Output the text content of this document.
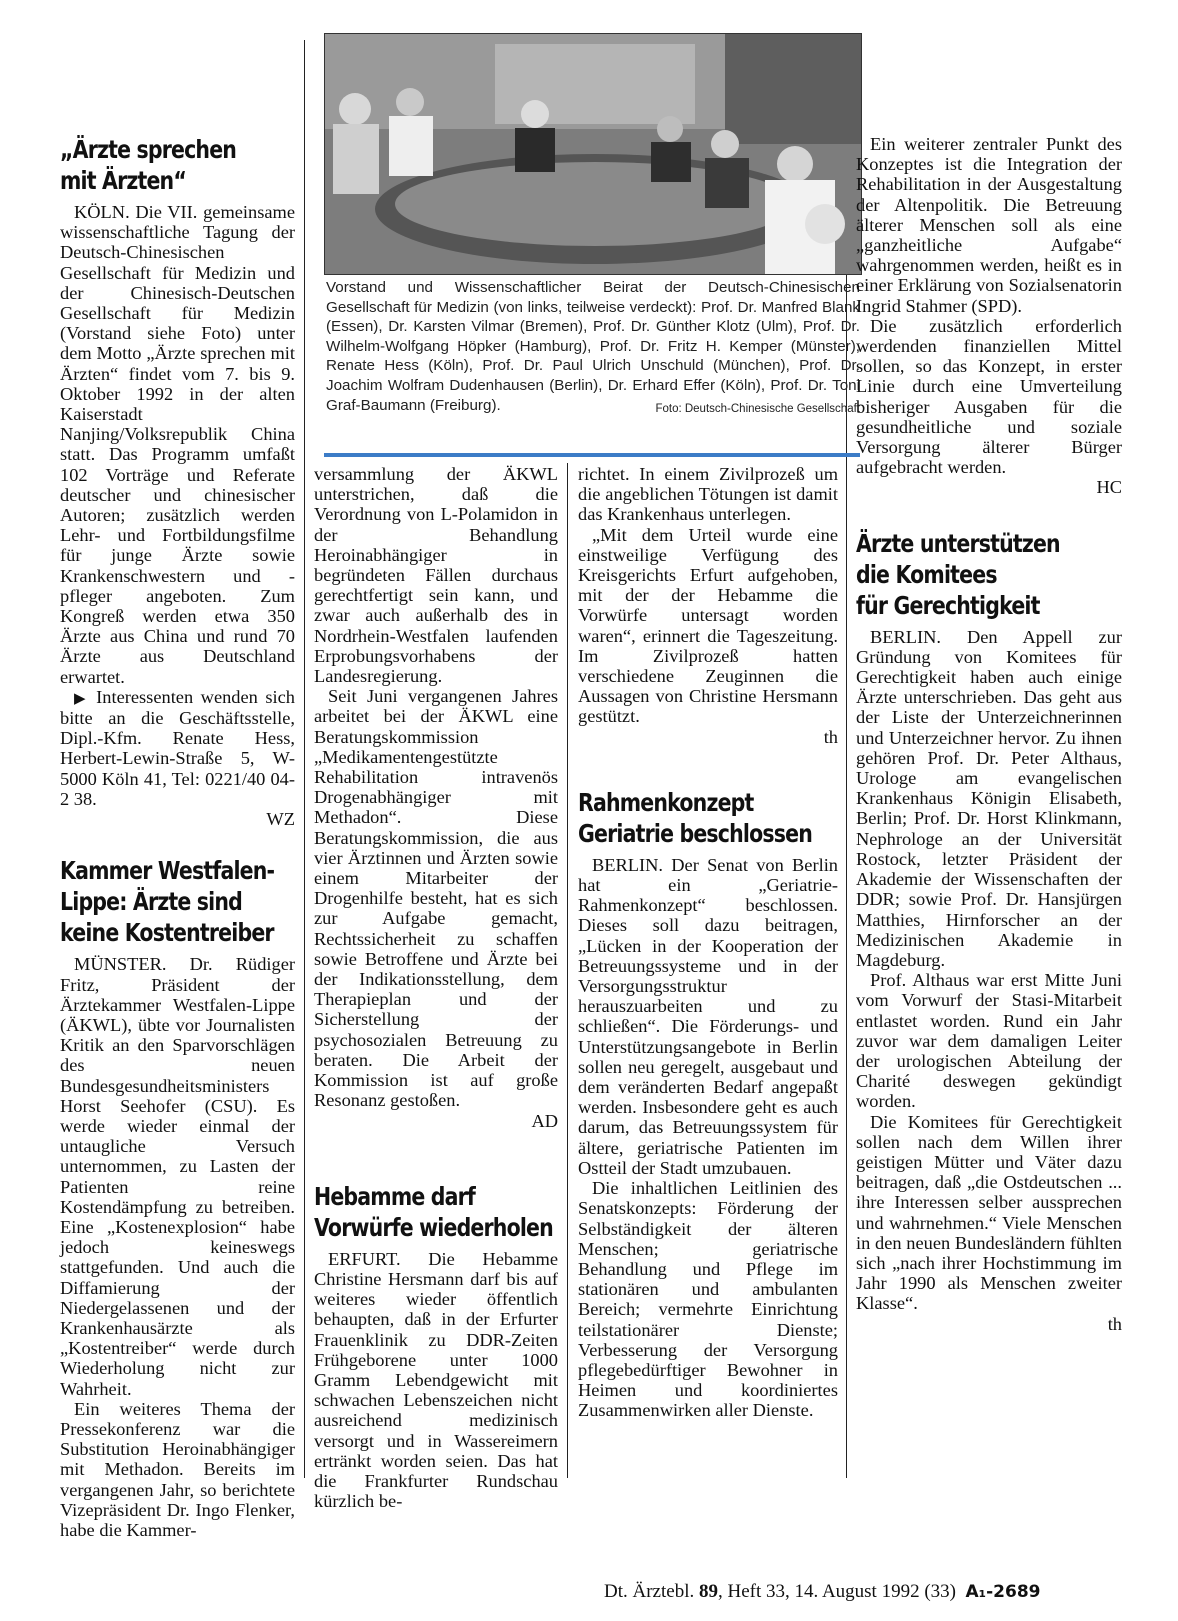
Vorstand und Wissenschaftlicher Beirat der Deutsch-Chinesischen Gesellschaft für Medizin (von links, teilweise verdeckt): Prof. Dr. Manfred Blank (Essen), Dr. Karsten Vilmar (Bremen), Prof. Dr. Günther Klotz (Ulm), Prof. Dr. Wilhelm-Wolfgang Höpker (Hamburg), Prof. Dr. Fritz H. Kemper (Münster), Renate Hess (Köln), Prof. Dr. Paul Ulrich Unschuld (München), Prof. Dr. Joachim Wolfram Dudenhausen (Berlin), Dr. Erhard Effer (Köln), Prof. Dr. Toni Graf-Baumann (Freiburg).	Foto: Deutsch-Chinesische Gesellschaft
„Ärzte sprechen
mit Ärzten“

KÖLN. Die VII. gemeinsame wissenschaftliche Tagung der Deutsch-Chinesischen Gesellschaft für Medizin und der Chinesisch-Deutschen Gesellschaft für Medizin (Vorstand siehe Foto) unter dem Motto „Ärzte sprechen mit Ärzten“ findet vom 7. bis 9. Oktober 1992 in der alten Kaiserstadt Nanjing/Volksrepublik China statt. Das Programm umfaßt 102 Vorträge und Referate deutscher und chinesischer Autoren; zusätzlich werden Lehr- und Fortbildungsfilme für junge Ärzte sowie Krankenschwestern und -pfleger angeboten. Zum Kongreß werden etwa 350 Ärzte aus China und rund 70 Ärzte aus Deutschland erwartet.

▶ Interessenten wenden sich bitte an die Geschäftsstelle, Dipl.-Kfm. Renate Hess, Herbert-Lewin-Straße 5, W-5000 Köln 41, Tel: 0221/40 04-2 38.

WZ
Kammer Westfalen-
Lippe: Ärzte sind
keine Kostentreiber

MÜNSTER. Dr. Rüdiger Fritz, Präsident der Ärztekammer Westfalen-Lippe (ÄKWL), übte vor Journalisten Kritik an den Sparvorschlägen des neuen Bundesgesundheitsministers Horst Seehofer (CSU). Es werde wieder einmal der untaugliche Versuch unternommen, zu Lasten der Patienten reine Kostendämpfung zu betreiben. Eine „Kostenexplosion“ habe jedoch keineswegs stattgefunden. Und auch die Diffamierung der Niedergelassenen und der Krankenhausärzte als „Kostentreiber“ werde durch Wiederholung nicht zur Wahrheit.

Ein weiteres Thema der Pressekonferenz war die Substitution Heroinabhängiger mit Methadon. Bereits im vergangenen Jahr, so berichtete Vizepräsident Dr. Ingo Flenker, habe die Kammer-

versammlung der ÄKWL unterstrichen, daß die Verordnung von L-Polamidon in der Behandlung Heroinabhängiger in begründeten Fällen durchaus gerechtfertigt sein kann, und zwar auch außerhalb des in Nordrhein-Westfalen laufenden Erprobungsvorhabens der Landesregierung.

Seit Juni vergangenen Jahres arbeitet bei der ÄKWL eine Beratungskommission „Medikamentengestützte Rehabilitation intravenös Drogenabhängiger mit Methadon“. Diese Beratungskommission, die aus vier Ärztinnen und Ärzten sowie einem Mitarbeiter der Drogenhilfe besteht, hat es sich zur Aufgabe gemacht, Rechtssicherheit zu schaffen sowie Betroffene und Ärzte bei der Indikationsstellung, dem Therapieplan und der Sicherstellung der psychosozialen Betreuung zu beraten. Die Arbeit der Kommission ist auf große Resonanz gestoßen.

AD
Hebamme darf
Vorwürfe wiederholen

ERFURT. Die Hebamme Christine Hersmann darf bis auf weiteres wieder öffentlich behaupten, daß in der Erfurter Frauenklinik zu DDR-Zeiten Frühgeborene unter 1000 Gramm Lebendgewicht mit schwachen Lebenszeichen nicht ausreichend medizinisch versorgt und in Wassereimern ertränkt worden seien. Das hat die Frankfurter Rundschau kürzlich be-

richtet. In einem Zivilprozeß um die angeblichen Tötungen ist damit das Krankenhaus unterlegen.

„Mit dem Urteil wurde eine einstweilige Verfügung des Kreisgerichts Erfurt aufgehoben, mit der der Hebamme die Vorwürfe untersagt worden waren“, erinnert die Tageszeitung. Im Zivilprozeß hatten verschiedene Zeuginnen die Aussagen von Christine Hersmann gestützt.

th
Rahmenkonzept
Geriatrie beschlossen

BERLIN. Der Senat von Berlin hat ein „Geriatrie-Rahmenkonzept“ beschlossen. Dieses soll dazu beitragen, „Lücken in der Kooperation der Betreuungssysteme und in der Versorgungsstruktur herauszuarbeiten und zu schließen“. Die Förderungs- und Unterstützungsangebote in Berlin sollen neu geregelt, ausgebaut und dem veränderten Bedarf angepaßt werden. Insbesondere geht es auch darum, das Betreuungssystem für ältere, geriatrische Patienten im Ostteil der Stadt umzubauen.

Die inhaltlichen Leitlinien des Senatskonzepts: Förderung der Selbständigkeit der älteren Menschen; geriatrische Behandlung und Pflege im stationären und ambulanten Bereich; vermehrte Einrichtung teilstationärer Dienste; Verbesserung der Versorgung pflegebedürftiger Bewohner in Heimen und koordiniertes Zusammenwirken aller Dienste.

Ein weiterer zentraler Punkt des Konzeptes ist die Integration der Rehabilitation in der Ausgestaltung der Altenpolitik. Die Betreuung älterer Menschen soll als eine „ganzheitliche Aufgabe“ wahrgenommen werden, heißt es in einer Erklärung von Sozialsenatorin Ingrid Stahmer (SPD).

Die zusätzlich erforderlich werdenden finanziellen Mittel sollen, so das Konzept, in erster Linie durch eine Umverteilung bisheriger Ausgaben für die gesundheitliche und soziale Versorgung älterer Bürger aufgebracht werden.

HC
Ärzte unterstützen
die Komitees
für Gerechtigkeit

BERLIN. Den Appell zur Gründung von Komitees für Gerechtigkeit haben auch einige Ärzte unterschrieben. Das geht aus der Liste der Unterzeichnerinnen und Unterzeichner hervor. Zu ihnen gehören Prof. Dr. Peter Althaus, Urologe am evangelischen Krankenhaus Königin Elisabeth, Berlin; Prof. Dr. Horst Klinkmann, Nephrologe an der Universität Rostock, letzter Präsident der Akademie der Wissenschaften der DDR; sowie Prof. Dr. Hansjürgen Matthies, Hirnforscher an der Medizinischen Akademie in Magdeburg.

Prof. Althaus war erst Mitte Juni vom Vorwurf der Stasi-Mitarbeit entlastet worden. Rund ein Jahr zuvor war dem damaligen Leiter der urologischen Abteilung der Charité deswegen gekündigt worden.

Die Komitees für Gerechtigkeit sollen nach dem Willen ihrer geistigen Mütter und Väter dazu beitragen, daß „die Ostdeutschen ... ihre Interessen selber aussprechen und wahrnehmen.“ Viele Menschen in den neuen Bundesländern fühlten sich „nach ihrer Hochstimmung im Jahr 1990 als Menschen zweiter Klasse“.

th
Dt. Ärztebl. 89, Heft 33, 14. August 1992 (33) A₁-2689
